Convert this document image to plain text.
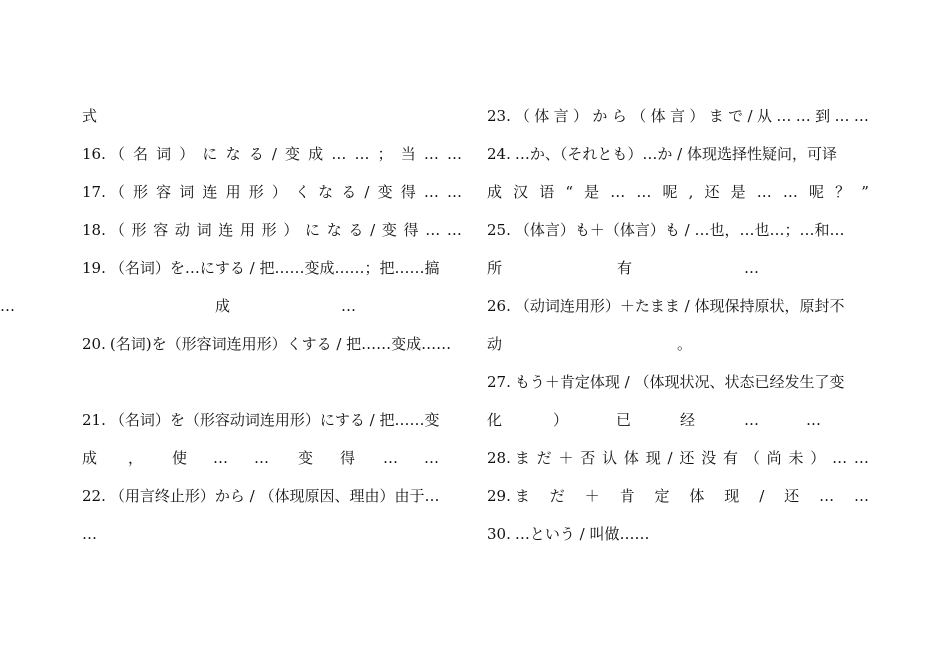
式
16. （ 名 词 ） に な る / 变 成 … … ； 当 … …
17. （ 形 容 词 连 用 形 ） く な る / 变 得 … …
18. （ 形 容 动 词 连 用 形 ） に な る / 变 得 … …
19. （名词）を…にする / 把……变成……；把……搞
成	…
…
20. (名词)を（形容词连用形）くする / 把……变成……
21. （名词）を（形容动词连用形）にする / 把……变
成 ， 使 … … 变 得 … …
22. （用言终止形）から / （体现原因、理由）由于…
…
23. （ 体 言 ） か ら （ 体 言 ） ま で / 从 … … 到 … …
24. …か、（それとも）…か / 体现选择性疑问，可译
成 汉 语 “ 是 … … 呢 , 还 是 … … 呢 ？ ”
25. （体言）も＋（体言）も / …也，…也…；…和…
所	有	…
26. （动词连用形）＋たまま / 体现保持原状，原封不
动	。
27. もう＋肯定体现 / （体现状况、状态已经发生了变
化	）	已	经	…	…
28. ま だ ＋ 否 认 体 现 / 还 没 有 （ 尚 未 ） … …
29. ま だ ＋ 肯 定 体 现 / 还 … …
30. …という / 叫做……
